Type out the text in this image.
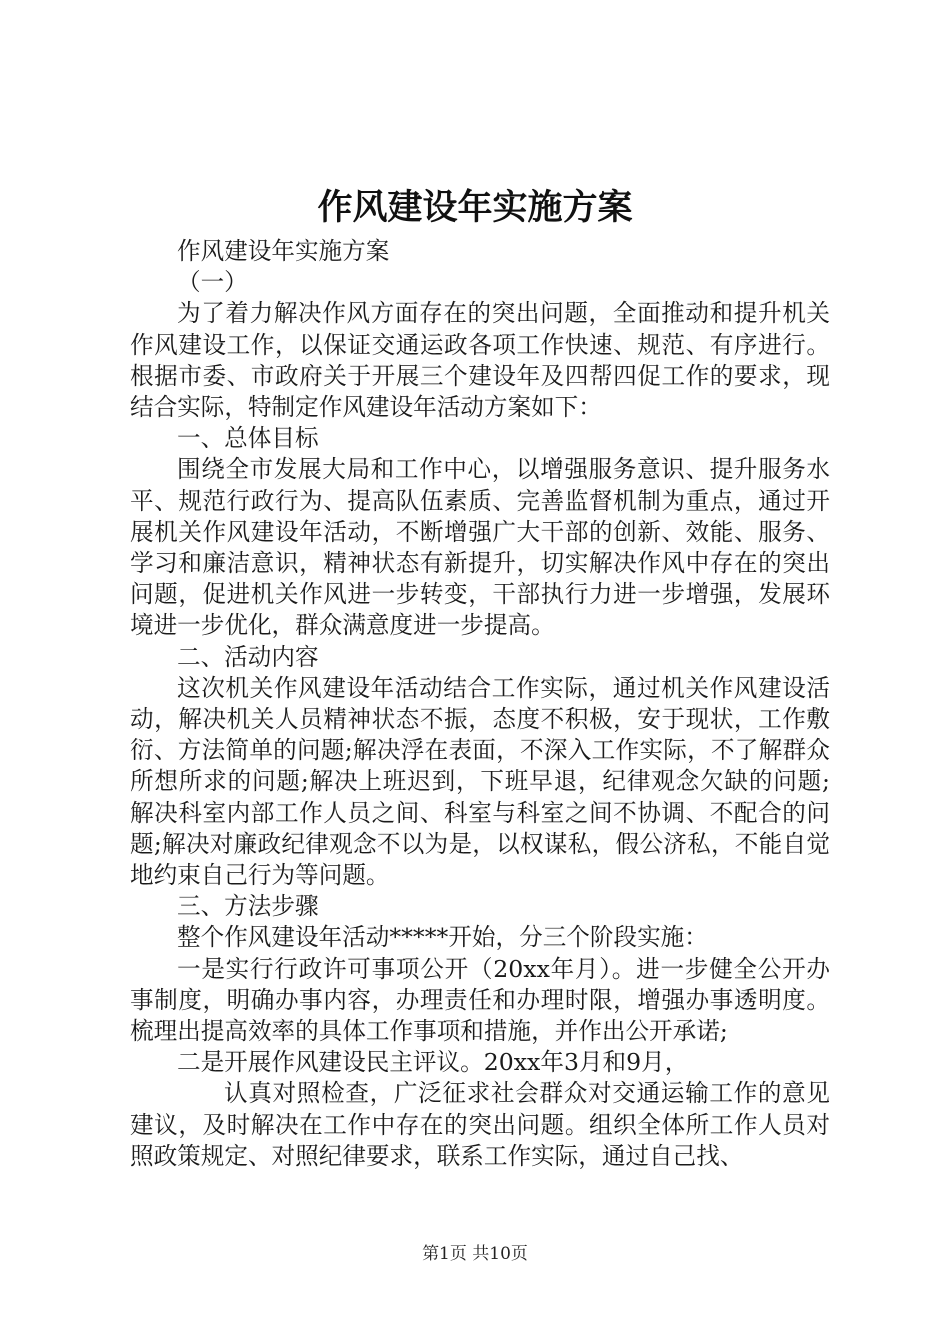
作风建设年实施方案

作风建设年实施方案

（一）

为了着力解决作风方面存在的突出问题，全面推动和提升机关作风建设工作，以保证交通运政各项工作快速、规范、有序进行。根据市委、市政府关于开展三个建设年及四帮四促工作的要求，现结合实际，特制定作风建设年活动方案如下：

一、总体目标

围绕全市发展大局和工作中心，以增强服务意识、提升服务水平、规范行政行为、提高队伍素质、完善监督机制为重点，通过开展机关作风建设年活动，不断增强广大干部的创新、效能、服务、学习和廉洁意识，精神状态有新提升，切实解决作风中存在的突出问题，促进机关作风进一步转变，干部执行力进一步增强，发展环境进一步优化，群众满意度进一步提高。

二、活动内容

这次机关作风建设年活动结合工作实际，通过机关作风建设活动，解决机关人员精神状态不振，态度不积极，安于现状，工作敷衍、方法简单的问题;解决浮在表面，不深入工作实际，不了解群众所想所求的问题;解决上班迟到，下班早退，纪律观念欠缺的问题;解决科室内部工作人员之间、科室与科室之间不协调、不配合的问题;解决对廉政纪律观念不以为是，以权谋私，假公济私，不能自觉地约束自己行为等问题。

三、方法步骤

整个作风建设年活动*****开始，分三个阶段实施：

一是实行行政许可事项公开（20xx年月）。进一步健全公开办事制度，明确办事内容，办理责任和办理时限，增强办事透明度。梳理出提高效率的具体工作事项和措施，并作出公开承诺;

二是开展作风建设民主评议。20xx年3月和9月，

认真对照检查，广泛征求社会群众对交通运输工作的意见建议，及时解决在工作中存在的突出问题。组织全体所工作人员对照政策规定、对照纪律要求，联系工作实际，通过自己找、

第1页 共10页
